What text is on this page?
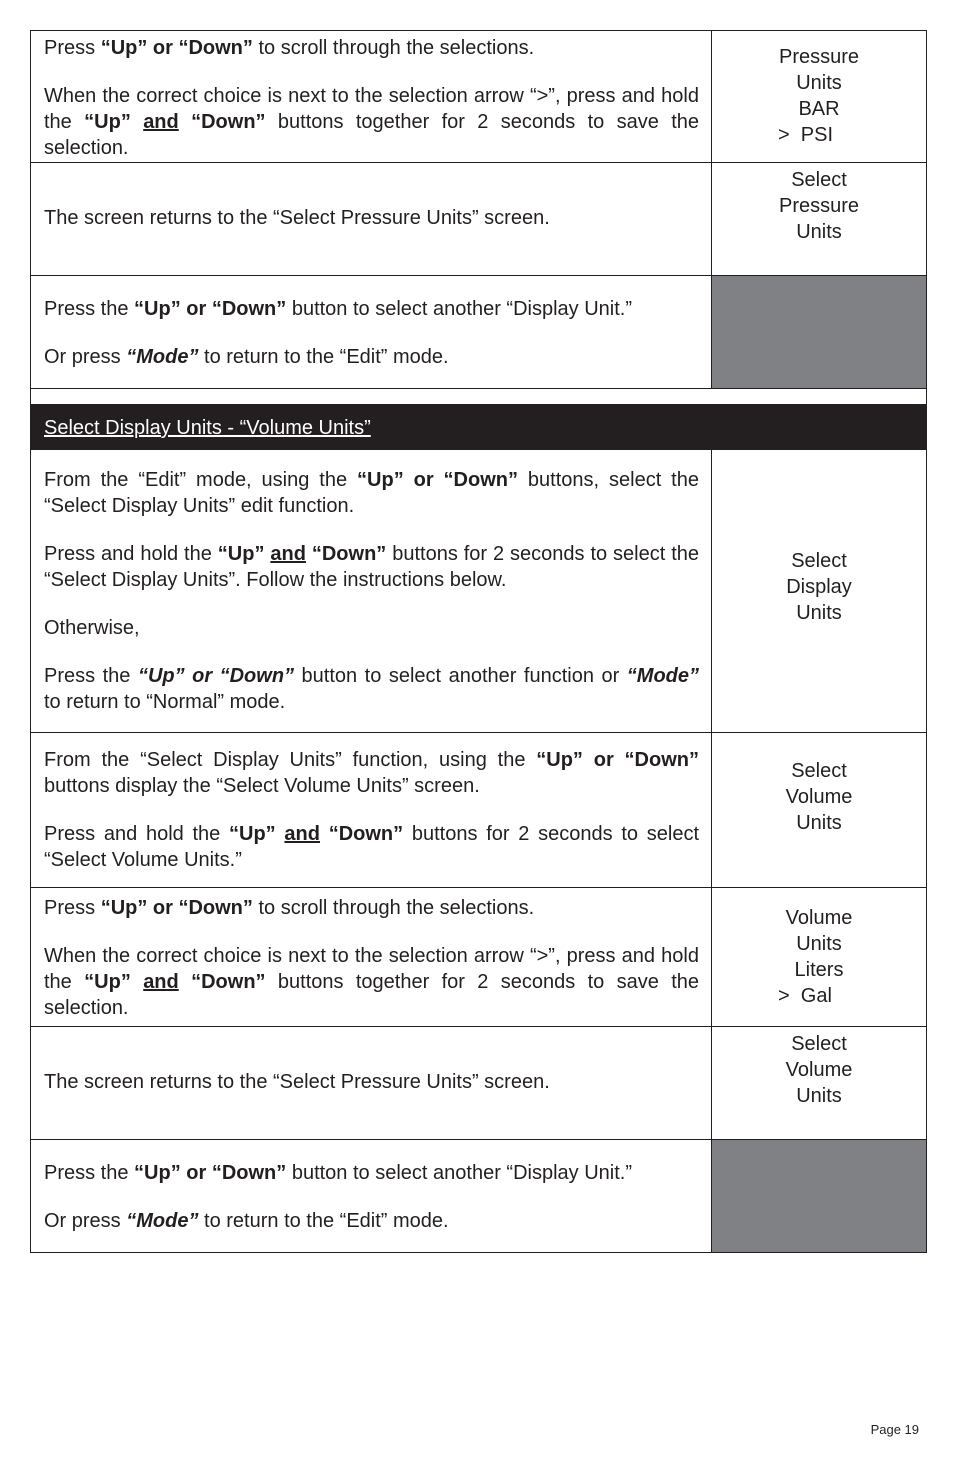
Press “Up” or “Down” to scroll through the selections.

When the correct choice is next to the selection arrow “>”, press and hold the “Up” and “Down” buttons together for 2 seconds to save the selection.

Pressure
Units
BAR
>  PSI

The screen returns to the “Select Pressure Units” screen.

Select
Pressure
Units

Press the “Up” or “Down” button to select another “Display Unit.”

Or press “Mode” to return to the “Edit” mode.

Select Display Units - “Volume Units”

From the “Edit” mode, using the “Up” or “Down” buttons, select the “Select Display Units” edit function.

Press and hold the “Up” and “Down” buttons for 2 seconds to select the “Select Display Units”. Follow the instructions below.

Otherwise,

Press the “Up” or “Down” button to select another function or “Mode” to return to “Normal” mode.

Select
Display
Units

From the “Select Display Units” function, using the “Up” or “Down” buttons display the “Select Volume Units” screen.

Press and hold the “Up” and “Down” buttons for 2 seconds to select “Select Volume Units.”

Select
Volume
Units

Press “Up” or “Down” to scroll through the selections.

When the correct choice is next to the selection arrow “>”, press and hold the “Up” and “Down” buttons together for 2 seconds to save the selection.

Volume
Units
Liters
>  Gal

The screen returns to the “Select Pressure Units” screen.

Select
Volume
Units

Press the “Up” or “Down” button to select another “Display Unit.”

Or press “Mode” to return to the “Edit” mode.

Page 19
